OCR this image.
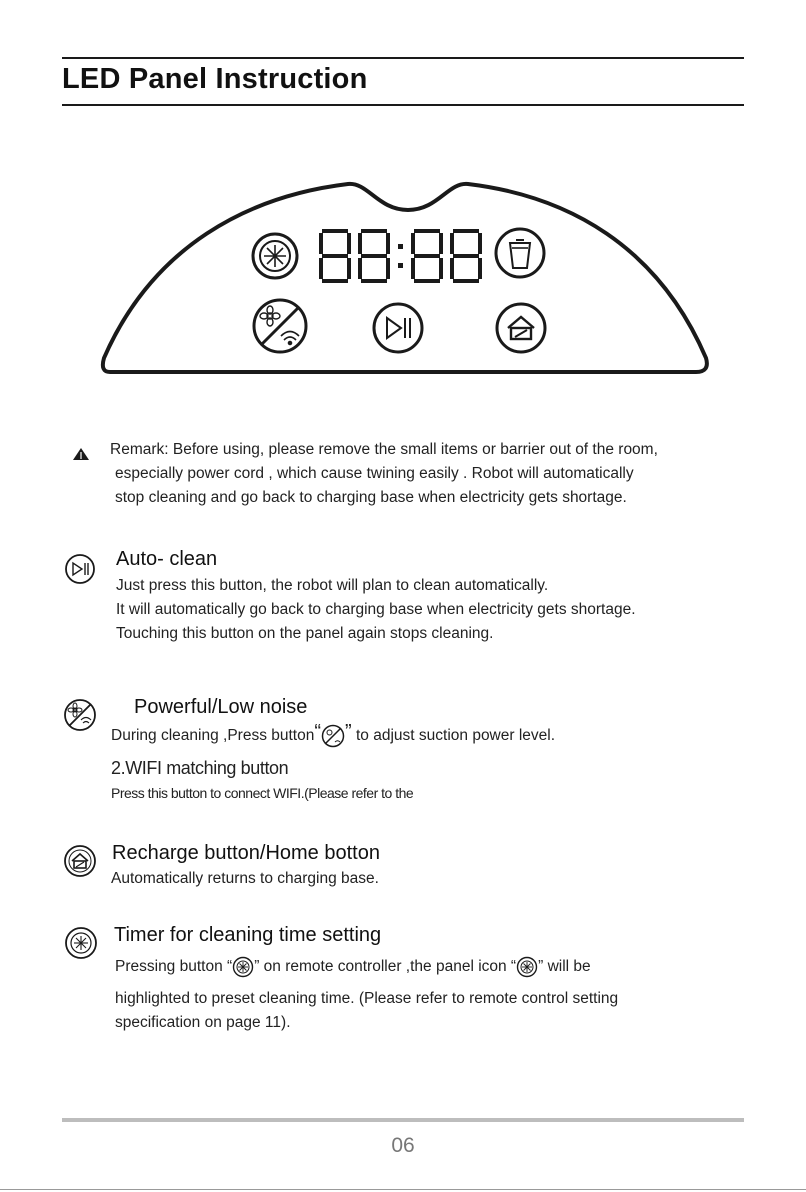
LED Panel Instruction
Remark: Before using, please remove the small items or barrier out of the room,
especially power cord , which cause twining easily . Robot will automatically
stop cleaning and go back to charging base when electricity gets shortage.
Auto- clean
Just press this button, the robot will plan to clean automatically.
It will automatically go back to charging base when electricity gets shortage.
Touching this button on the panel again stops cleaning.
Powerful/Low noise
During cleaning ,Press button“ ” to adjust suction power level.
2.WIFI matching button
Press this button to connect WIFI.(Please refer to the
Recharge button/Home botton
Automatically returns to charging base.
Timer for cleaning time setting
Pressing button “ ” on remote controller ,the panel icon “ ” will be
highlighted to preset cleaning time. (Please refer to remote control setting
specification on page 11).
06
